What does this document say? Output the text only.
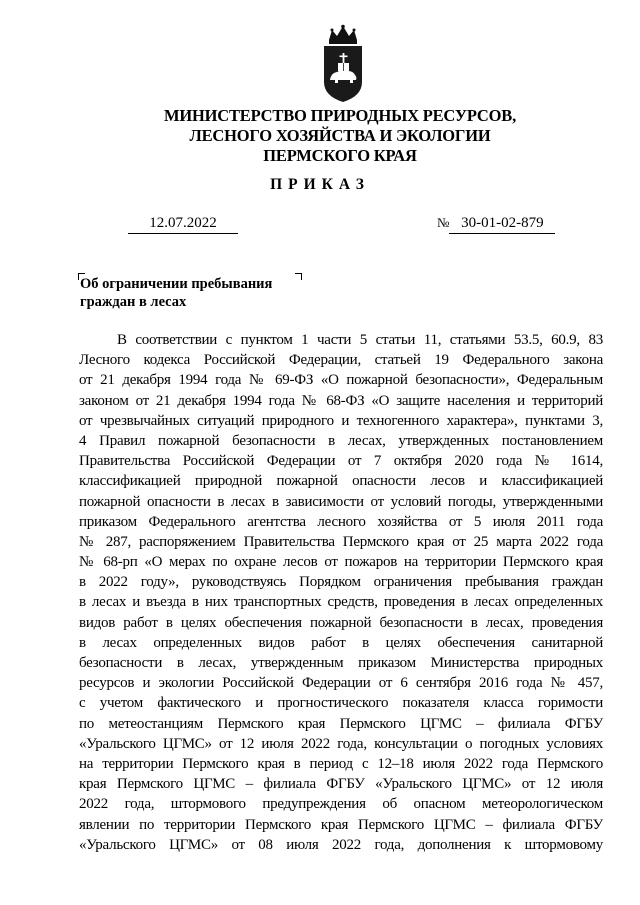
МИНИСТЕРСТВО ПРИРОДНЫХ РЕСУРСОВ,
ЛЕСНОГО ХОЗЯЙСТВА И ЭКОЛОГИИ
ПЕРМСКОГО КРАЯ
ПРИКАЗ
12.07.2022	№ 30-01-02-879
Об ограничении пребывания
граждан в лесах
В соответствии с пунктом 1 части 5 статьи 11, статьями 53.5, 60.9, 83
Лесного кодекса Российской Федерации, статьей 19 Федерального закона
от 21 декабря 1994 года № 69-ФЗ «О пожарной безопасности», Федеральным
законом от 21 декабря 1994 года № 68-ФЗ «О защите населения и территорий
от чрезвычайных ситуаций природного и техногенного характера», пунктами 3,
4 Правил пожарной безопасности в лесах, утвержденных постановлением
Правительства Российской Федерации от 7 октября 2020 года № 1614,
классификацией природной пожарной опасности лесов и классификацией
пожарной опасности в лесах в зависимости от условий погоды, утвержденными
приказом Федерального агентства лесного хозяйства от 5 июля 2011 года
№ 287, распоряжением Правительства Пермского края от 25 марта 2022 года
№ 68-рп «О мерах по охране лесов от пожаров на территории Пермского края
в 2022 году», руководствуясь Порядком ограничения пребывания граждан
в лесах и въезда в них транспортных средств, проведения в лесах определенных
видов работ в целях обеспечения пожарной безопасности в лесах, проведения
в лесах определенных видов работ в целях обеспечения санитарной
безопасности в лесах, утвержденным приказом Министерства природных
ресурсов и экологии Российской Федерации от 6 сентября 2016 года № 457,
с учетом фактического и прогностического показателя класса горимости
по метеостанциям Пермского края Пермского ЦГМС – филиала ФГБУ
«Уральского ЦГМС» от 12 июля 2022 года, консультации о погодных условиях
на территории Пермского края в период с 12–18 июля 2022 года Пермского
края Пермского ЦГМС – филиала ФГБУ «Уральского ЦГМС» от 12 июля
2022 года, штормового предупреждения об опасном метеорологическом
явлении по территории Пермского края Пермского ЦГМС – филиала ФГБУ
«Уральского ЦГМС» от 08 июля 2022 года, дополнения к штормовому
